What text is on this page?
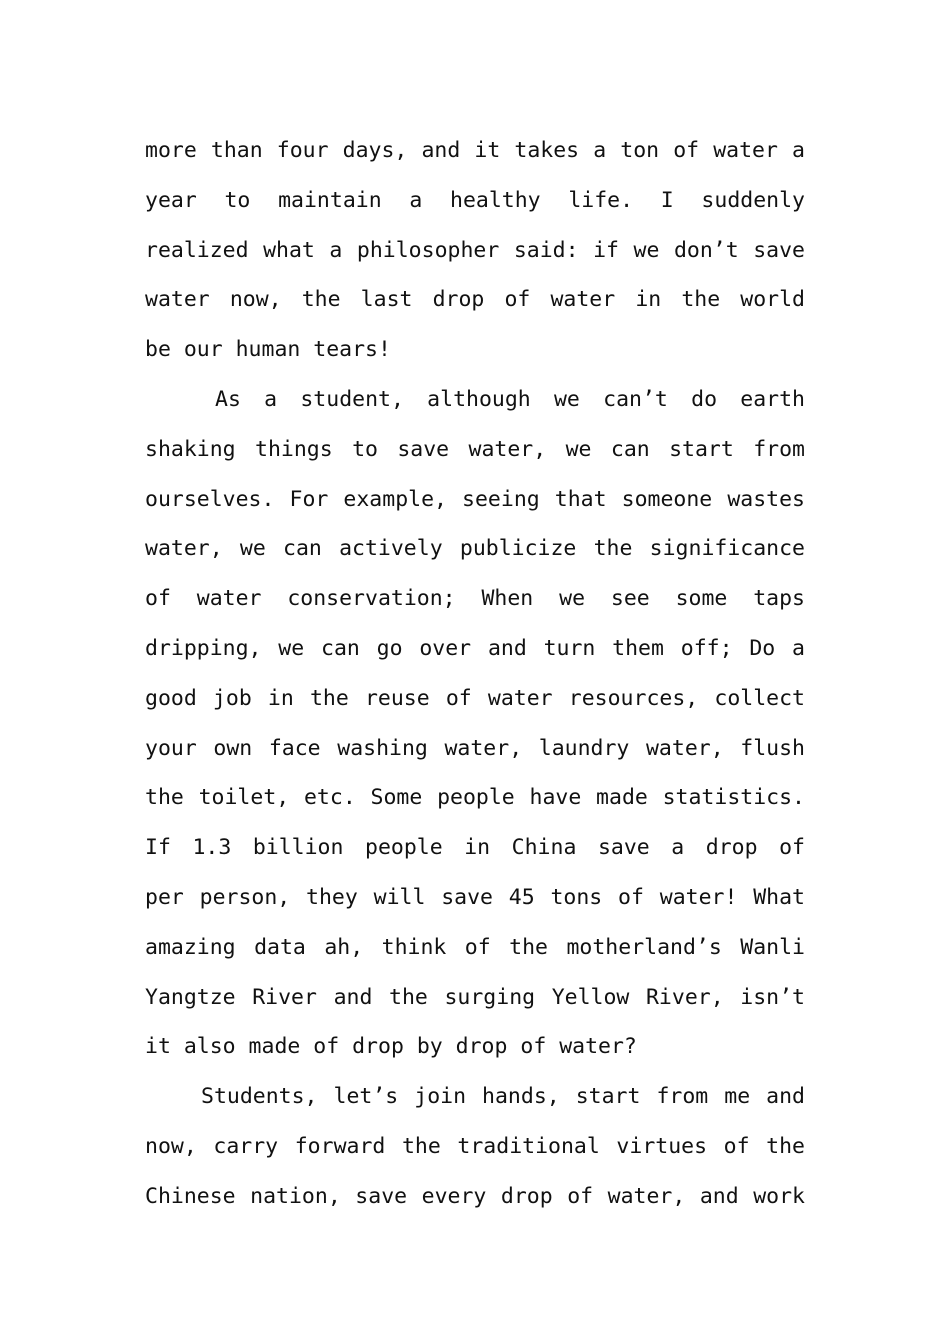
more than four days, and it takes a ton of water a
year to maintain a healthy life. I suddenly
realized what a philosopher said: if we don’t save
water now, the last drop of water in the world
be our human tears!
As a student, although we can’t do earth
shaking things to save water, we can start from
ourselves. For example, seeing that someone wastes
water, we can actively publicize the significance
of water conservation; When we see some taps
dripping, we can go over and turn them off; Do a
good job in the reuse of water resources, collect
your own face washing water, laundry water, flush
the toilet, etc. Some people have made statistics.
If 1.3 billion people in China save a drop of
per person, they will save 45 tons of water! What
amazing data ah, think of the motherland’s Wanli
Yangtze River and the surging Yellow River, isn’t
it also made of drop by drop of water?
Students, let’s join hands, start from me and
now, carry forward the traditional virtues of the
Chinese nation, save every drop of water, and work
